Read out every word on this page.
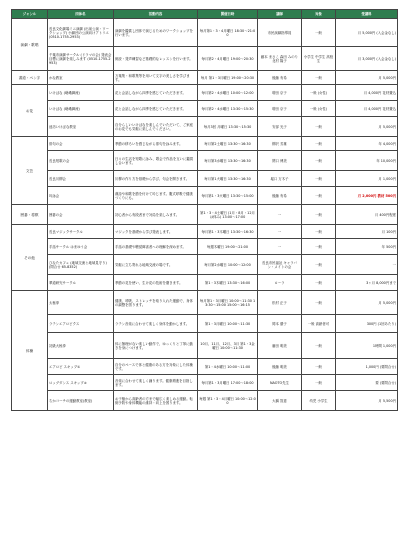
ジャンル	団体名	活動内容	開催日時	講師	対象	受講料
演劇・歌唱	長良文化劇場ミニ演劇 (出前公演・ワークショップ) 小劇団の公演向けアトリエ (0510-1755-2953)	演劇を鑑賞し団体で演じるためのワークショップを行います。	毎月第1・3・4月曜日 18:30〜21:00	市民演劇指導員	一般	月 5,000円 (入会金なし)
	千葉市演劇サークル (ドラマの会) 発表会目標に演劇を楽しみます (0510-1755-2953)	朗読・発声練習など基礎的なレッスンを行います。	毎月第2・4月曜日 19:00〜20:30	藤本 まさこ 森田 みのり 北村 隆子	小学生 中学生 高校生	月 3,000円 (入会金なし)
書道・ペン字	かな教室	万葉集・和歌集等を用いて文字の美しさを学びます。	毎月 第1・3月曜日 19:00〜20:30	後藤 有希	一般	月 5,000円
お花	いけばな (嵯峨御流)	花と会話しながら四季を感じていただきます。	毎月第2・4水曜日 10:00〜12:00	増田 京子	一般 (女性)	月 4,000円 花材費込
	いけばな (嵯峨御流)	花と会話しながら四季を感じていただきます。	毎月第2・4水曜日 13:30〜15:30	増田 京子	一般 (女性)	月 4,000円 花材費込
	池坊いけばな教室	自分らしいいけばなを楽しんでいただいて、ご家庭のお花でも気軽に楽しんでください。	毎月3回 月曜日 13:30〜15:30	安部 光子	一般	月 5,000円
文芸	俳句の会	季節の移ろいを感じながら俳句を詠みます。	毎月第2土曜日 13:30〜16:30	柳沢 芳雄	一般	年 4,000円
	長良短歌の会	日々の生活を短歌に詠み、歌会で作品を互いに鑑賞し合います。	毎月第3水曜日 13:30〜16:30	関口 博美	一般	年 10,000円
	長良川柳会	川柳の作り方を基礎から学び、句会を開きます。	毎月第1火曜日 13:30〜16:30	堀口 万木子	一般	月 1,000円
	吟詠会	漢詩や和歌を節を付けて吟じます。腹式呼吸で健康づくりにも。	毎月第1・3火曜日 13:30〜15:00	後藤 有希	一般	月 2,000円 教材 500円
囲碁・将棋	囲碁の会	初心者から有段者まで対局を楽しみます。	第1・3・4土曜日 (1月・8月・12月は休み) 13:00〜17:00	一	一般	月 400円程度
その他	長良マジックサークル	マジックを基礎から学び発表します。	毎月第1・3木曜日 13:30〜16:30	一	一般	月 100円
	手話サークル はまゆう会	手話の基礎や聴覚障害者への理解を深めます。	毎週木曜日 19:00〜21:00	一	一般	年 500円
	ひなたカフェ (地域交流と地域見守り) (問合せ 65-8352)	気軽に立ち寄れる地域交流の場です。	毎月第2水曜日 10:00〜12:00	長良市民福祉 キャラバン・メイトの会	一般	一
	華道研究サークル	季節の花を使い、生け花の技術を磨きます。	第1・3木曜日 13:30〜16:00	ローラ	一般	3ヶ月 8,000円まで
体操	太極拳	健康、呼吸、ストレッチを取り入れた運動で、身体の調整を図ります。	毎月第1・3月曜日 10:00〜11:30 13:30〜15:00 15:00〜16:15	松村 正子	一般	月 5,000円
	ラテンエアロビクス	ラテン音楽に合わせて楽しく身体を動かします。	第1・3月曜日 10:00〜11:30	岡本 優子	一般 高齢者可	300円 (1回あたり)
	初級大極拳	体に無理がない楽しい動作で、ゆっくりと丁寧に動きを身につけます。	10月、11月、12月、3月 第1・3金曜日 10:00〜11:30	藤田 明美	一般	1時間 1,000円
	エアロビ スキップ①	自分のペースで体と健康のある方を対象にした体操です。	第1・4水曜日 10:00〜11:00	後藤 明美	一般	1,000円 (要問合せ)
	ロッグダンス スキップ②	音楽に合わせて楽しく踊ります。健康増進を目指します。	毎月第1・3月曜日 17:00〜18:00	NAOTO先生	一般	要 (要問合せ)
	ちかコーチの運動教室(教室)	お子様から高齢者の方まで幅広く楽しめる運動。転倒予防や身体機能の維持・向上を図ります。	毎週 第1・3・4月曜日 10:00〜12:00	大橋 智恵	幼児 小学生	月 5,500円
